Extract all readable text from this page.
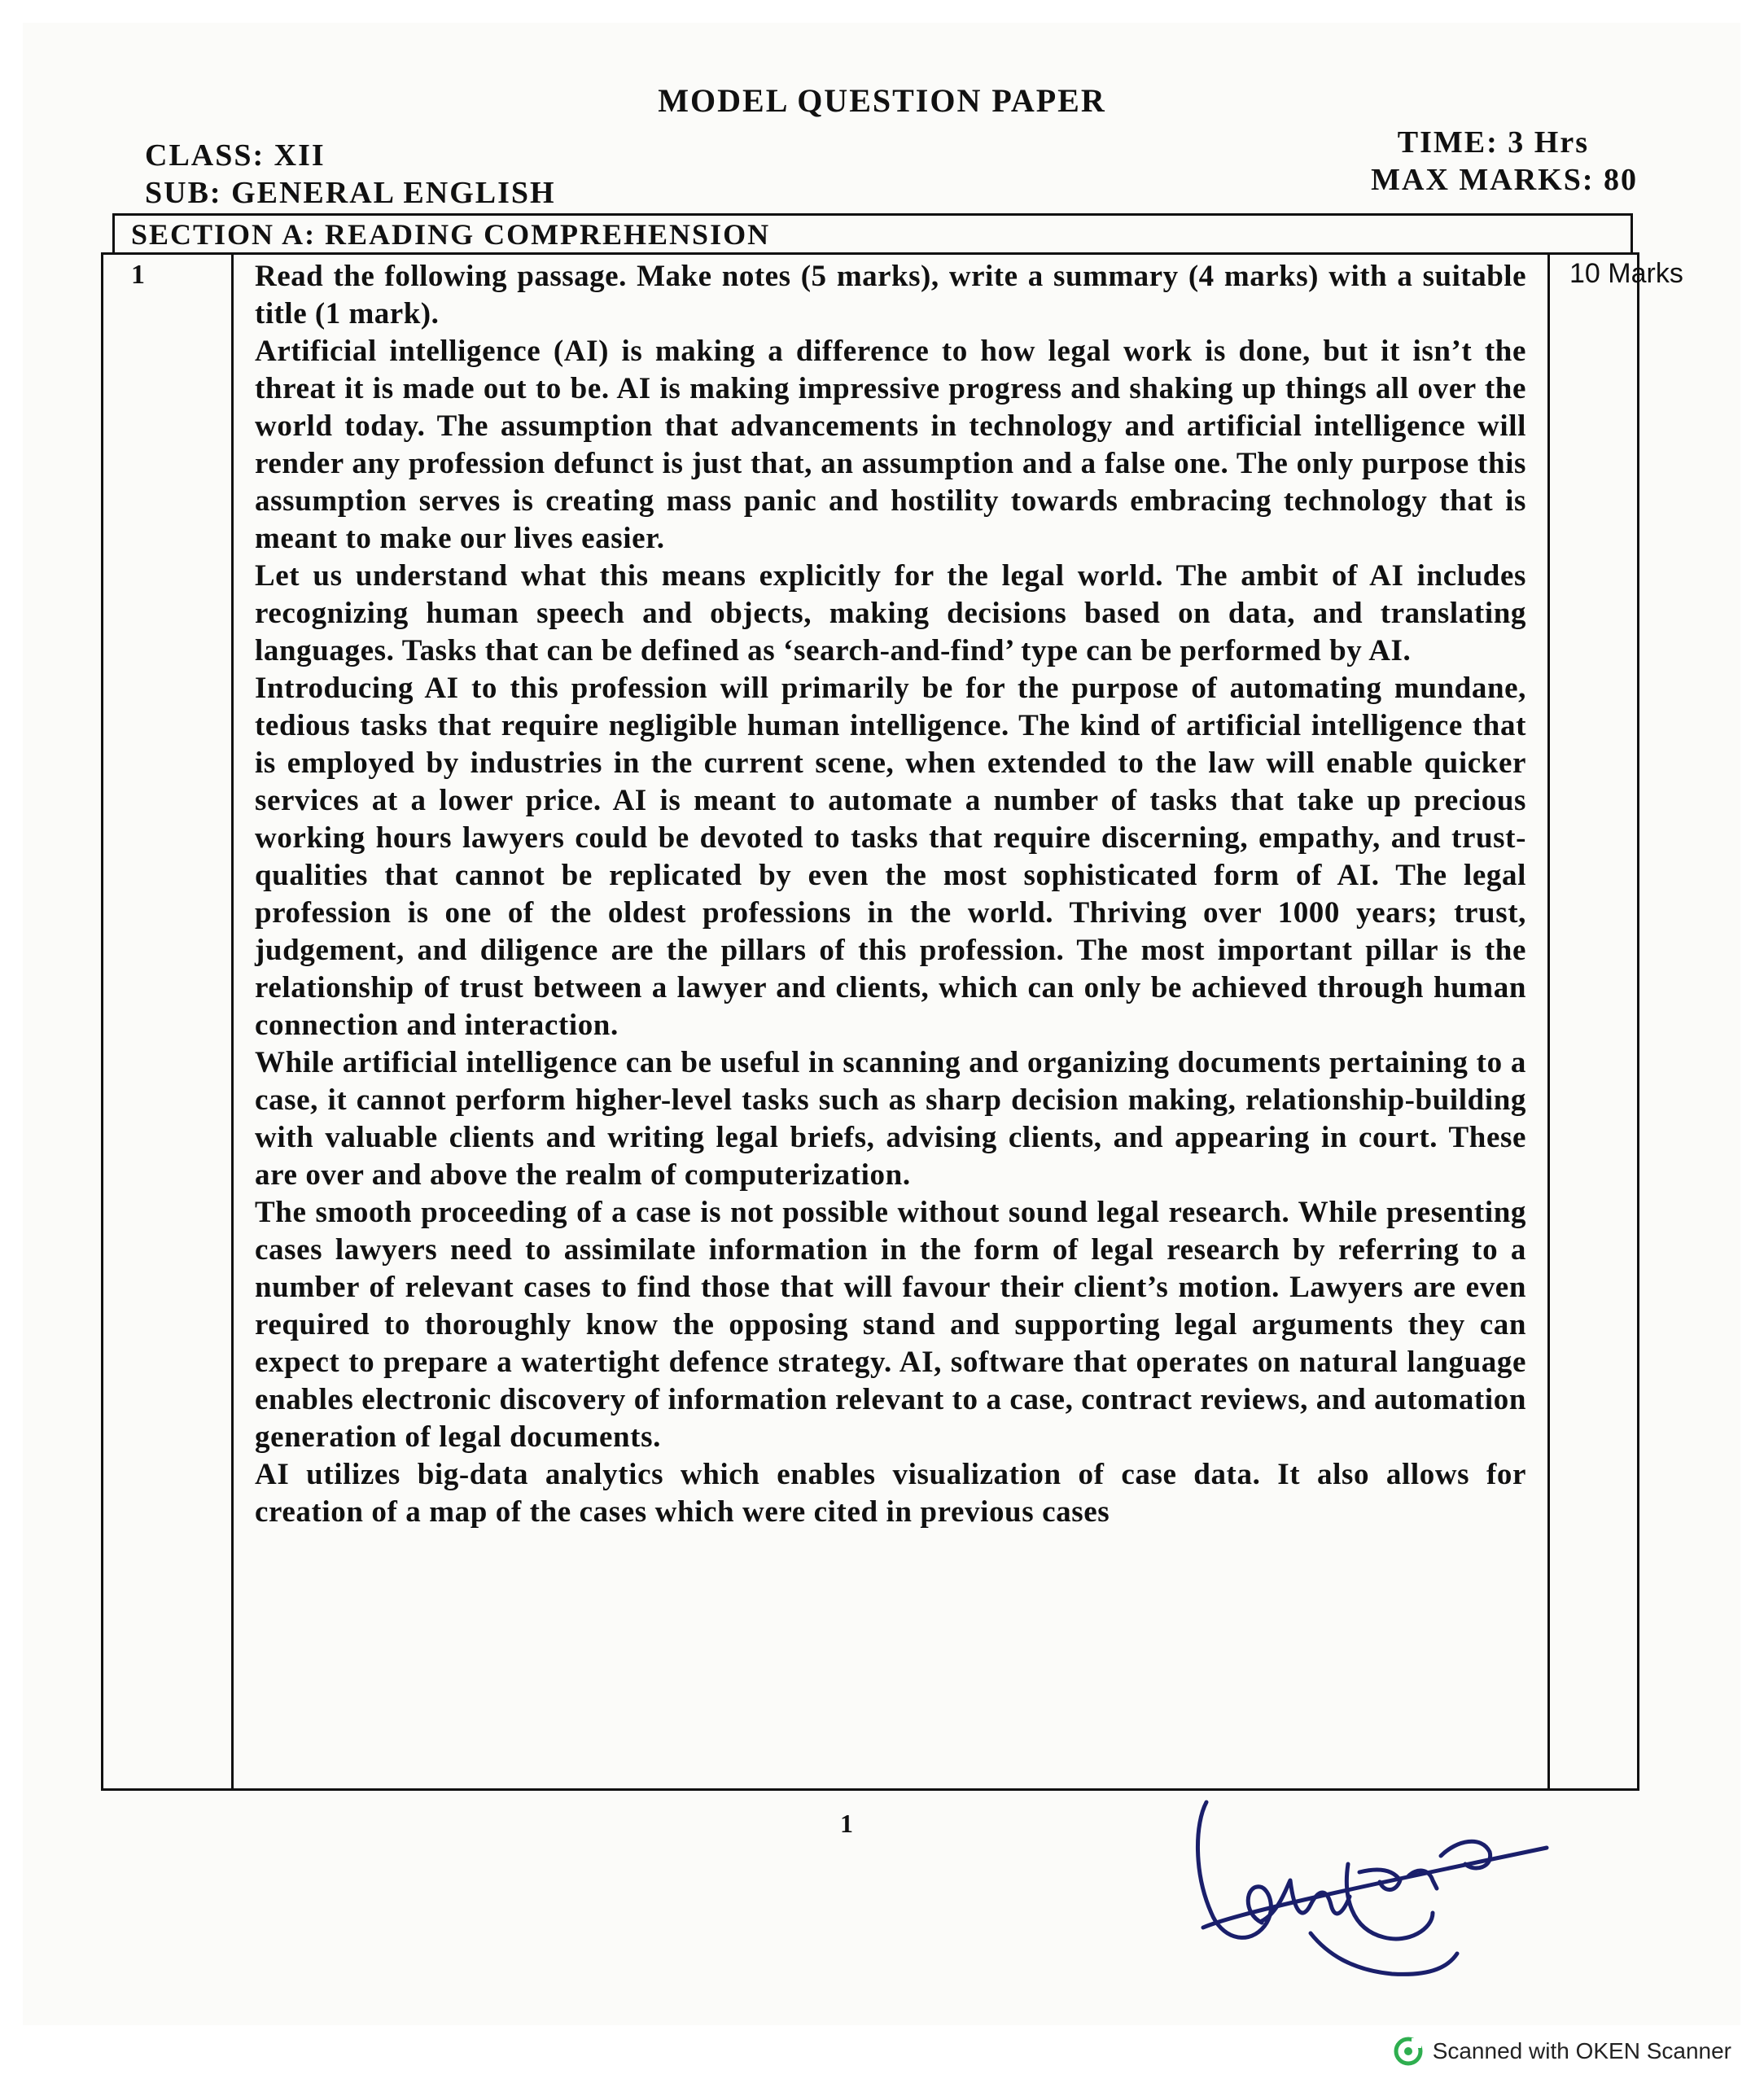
MODEL QUESTION PAPER
CLASS: XII
SUB: GENERAL ENGLISH
TIME: 3 Hrs
MAX MARKS: 80
SECTION A: READING COMPREHENSION
1	Read the following passage. Make notes (5 marks), write a summary (4 marks) with a suitable title (1 mark).

Artificial intelligence (AI) is making a difference to how legal work is done, but it isn’t the threat it is made out to be. AI is making impressive progress and shaking up things all over the world today. The assumption that advancements in technology and artificial intelligence will render any profession defunct is just that, an assumption and a false one. The only purpose this assumption serves is creating mass panic and hostility towards embracing technology that is meant to make our lives easier.

Let us understand what this means explicitly for the legal world. The ambit of AI includes recognizing human speech and objects, making decisions based on data, and translating languages. Tasks that can be defined as ‘search-and-find’ type can be performed by AI.

Introducing AI to this profession will primarily be for the purpose of automating mundane, tedious tasks that require negligible human intelligence. The kind of artificial intelligence that is employed by industries in the current scene, when extended to the law will enable quicker services at a lower price. AI is meant to automate a number of tasks that take up precious working hours lawyers could be devoted to tasks that require discerning, empathy, and trust- qualities that cannot be replicated by even the most sophisticated form of AI. The legal profession is one of the oldest professions in the world. Thriving over 1000 years; trust, judgement, and diligence are the pillars of this profession. The most important pillar is the relationship of trust between a lawyer and clients, which can only be achieved through human connection and interaction.

While artificial intelligence can be useful in scanning and organizing documents pertaining to a case, it cannot perform higher-level tasks such as sharp decision making, relationship-building with valuable clients and writing legal briefs, advising clients, and appearing in court. These are over and above the realm of computerization.

The smooth proceeding of a case is not possible without sound legal research. While presenting cases lawyers need to assimilate information in the form of legal research by referring to a number of relevant cases to find those that will favour their client’s motion. Lawyers are even required to thoroughly know the opposing stand and supporting legal arguments they can expect to prepare a watertight defence strategy. AI, software that operates on natural language enables electronic discovery of information relevant to a case, contract reviews, and automation generation of legal documents.

AI utilizes big-data analytics which enables visualization of case data. It also allows for creation of a map of the cases which were cited in previous cases

10 Marks
1
Scanned with OKEN Scanner
